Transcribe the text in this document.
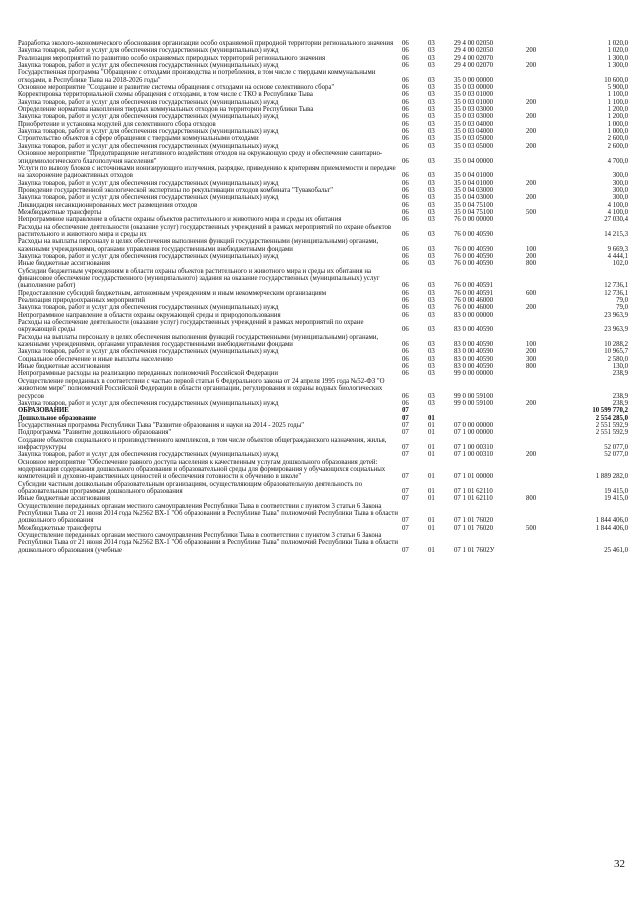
Разработка эколого-экономического обоснования организации особо охраняемой природной территории регионального значения	06	03	29 4 00 02050		1 020,0
Закупка товаров, работ и услуг для обеспечения государственных (муниципальных) нужд	06	03	29 4 00 02050	200	1 020,0
Реализация мероприятий по развитию особо охраняемых природных территорий регионального значения	06	03	29 4 00 02070		1 300,0
Закупка товаров, работ и услуг для обеспечения государственных (муниципальных) нужд	06	03	29 4 00 02070	200	1 300,0
Государственная программа "Обращение с отходами производства и потребления, в том числе с твердыми коммунальными отходами, в Республике Тыва на 2018-2026 годы"	06	03	35 0 00 00000		10 600,0
Основное мероприятие "Создание и развитие системы обращения с отходами на основе селективного сбора"	06	03	35 0 03 00000		5 900,0
Корректировка территориальной схемы обращения с отходами, в том числе с ТКО в Республике Тыва	06	03	35 0 03 01000		1 100,0
Закупка товаров, работ и услуг для обеспечения государственных (муниципальных) нужд	06	03	35 0 03 01000	200	1 100,0
Определение норматива накопления твердых коммунальных отходов на территории Республики Тыва	06	03	35 0 03 03000		1 200,0
Закупка товаров, работ и услуг для обеспечения государственных (муниципальных) нужд	06	03	35 0 03 03000	200	1 200,0
Приобретение и установка модулей для селективного сбора отходов	06	03	35 0 03 04000		1 000,0
Закупка товаров, работ и услуг для обеспечения государственных (муниципальных) нужд	06	03	35 0 03 04000	200	1 000,0
Строительство объектов в сфере обращения с твердыми коммунальными отходами	06	03	35 0 03 05000		2 600,0
Закупка товаров, работ и услуг для обеспечения государственных (муниципальных) нужд	06	03	35 0 03 05000	200	2 600,0
Основное мероприятие "Предотвращение негативного воздействия отходов на окружающую среду и обеспечение санитарно-эпидемиологического благополучия населения"	06	03	35 0 04 00000		4 700,0
Услуги по вывозу блоков с источниками ионизирующего излучения, разрядке, приведению к критериям приемлемости и передаче на захоронение радиоактивных отходов	06	03	35 0 04 01000		300,0
Закупка товаров, работ и услуг для обеспечения государственных (муниципальных) нужд	06	03	35 0 04 01000	200	300,0
Проведение государственной экологической экспертизы по рекультивации отходов комбината "Тувакобальт"	06	03	35 0 04 03000		300,0
Закупка товаров, работ и услуг для обеспечения государственных (муниципальных) нужд	06	03	35 0 04 03000	200	300,0
Ликвидация несанкционированных мест размещения отходов	06	03	35 0 04 75100		4 100,0
Межбюджетные трансферты	06	03	35 0 04 75100	500	4 100,0
Непрограммное направление в области охраны объектов растительного и животного мира и среды их обитания	06	03	76 0 00 00000		27 030,4
Расходы на обеспечение деятельности (оказание услуг) государственных учреждений в рамках мероприятий по охране объектов растительного и животного мира и среды их	06	03	76 0 00 40590		14 215,3
Расходы на выплаты персоналу в целях обеспечения выполнения функций государственными (муниципальными) органами, казенными учреждениями, органами управления государственными внебюджетными фондами	06	03	76 0 00 40590	100	9 669,3
Закупка товаров, работ и услуг для обеспечения государственных (муниципальных) нужд	06	03	76 0 00 40590	200	4 444,1
Иные бюджетные ассигнования	06	03	76 0 00 40590	800	102,0
Субсидии бюджетным учреждениям в области охраны объектов растительного и животного мира и среды их обитания на финансовое обеспечение государственного (муниципального) задания на оказание государственных (муниципальных) услуг (выполнение работ)	06	03	76 0 00 40591		12 736,1
Предоставление субсидий бюджетным, автономным учреждениям и иным некоммерческим организациям	06	03	76 0 00 40591	600	12 736,1
Реализация природоохранных мероприятий	06	03	76 0 00 46000		79,0
Закупка товаров, работ и услуг для обеспечения государственных (муниципальных) нужд	06	03	76 0 00 46000	200	79,0
Непрограммное направление в области охраны окружающей среды и природопользования	06	03	83 0 00 00000		23 963,9
Расходы на обеспечение деятельности (оказание услуг) государственных учреждений в рамках мероприятий по охране окружающей среды	06	03	83 0 00 40590		23 963,9
Расходы на выплаты персоналу в целях обеспечения выполнения функций государственными (муниципальными) органами, казенными учреждениями, органами управления государственными внебюджетными фондами	06	03	83 0 00 40590	100	10 288,2
Закупка товаров, работ и услуг для обеспечения государственных (муниципальных) нужд	06	03	83 0 00 40590	200	10 965,7
Социальное обеспечение и иные выплаты населению	06	03	83 0 00 40590	300	2 580,0
Иные бюджетные ассигнования	06	03	83 0 00 40590	800	130,0
Непрограммные расходы на реализацию переданных полномочий Российской Федерации	06	03	99 0 00 00000		238,9
Осуществление переданных в соответствии с частью первой статьи 6 Федерального закона от 24 апреля 1995 года №52-ФЗ "О животном мире" полномочий Российской Федерации в области организации, регулирования и охраны водных биологических ресурсов	06	03	99 0 00 59100		238,9
Закупка товаров, работ и услуг для обеспечения государственных (муниципальных) нужд	06	03	99 0 00 59100	200	238,9
ОБРАЗОВАНИЕ	07				10 599 770,2
Дошкольное образование	07	01			2 554 285,0
Государственная программа Республики Тыва "Развитие образования и науки на 2014 - 2025 годы"	07	01	07 0 00 00000		2 551 592,9
Подпрограмма "Развитие дошкольного образования"	07	01	07 1 00 00000		2 551 592,9
Создание объектов социального и производственного комплексов, в том числе объектов общегражданского назначения, жилья, инфраструктуры	07	01	07 1 00 00310		52 077,0
Закупка товаров, работ и услуг для обеспечения государственных (муниципальных) нужд	07	01	07 1 00 00310	200	52 077,0
Основное мероприятие "Обеспечение равного доступа населения к качественным услугам дошкольного образования детей: модернизация содержания дошкольного образования и образовательной среды для формирования у обучающихся социальных компетенций и духовно-нравственных ценностей и обеспечения готовности к обучению в школе"	07	01	07 1 01 00000		1 889 282,0
Субсидии частным дошкольным образовательным организациям, осуществляющим образовательную деятельность по образовательным программам дошкольного образования	07	01	07 1 01 62110		19 415,0
Иные бюджетные ассигнования	07	01	07 1 01 62110	800	19 415,0
Осуществление переданных органам местного самоуправления Республики Тыва в соответствии с пунктом 3 статьи 6 Закона Республики Тыва от 21 июня 2014 года №2562 ВХ-1 "Об образовании в Республике Тыва" полномочий Республики Тыва в области дошкольного образования	07	01	07 1 01 76020		1 844 406,0
Межбюджетные трансферты	07	01	07 1 01 76020	500	1 844 406,0
Осуществление переданных органам местного самоуправления Республики Тыва в соответствии с пунктом 3 статьи 6 Закона Республики Тыва от 21 июня 2014 года №2562 ВХ-1 "Об образовании в Республике Тыва" полномочий Республики Тыва в области дошкольного образования (учебные	07	01	07 1 01 7602У		25 461,0
32
